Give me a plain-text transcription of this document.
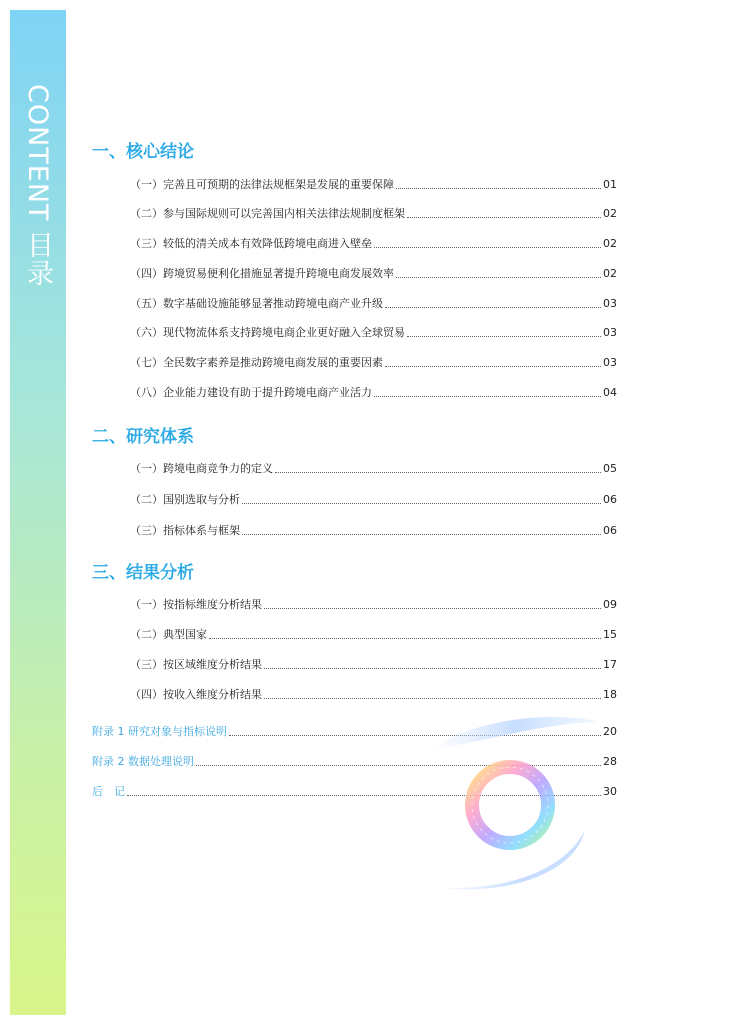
CONTENT 目录 一、核心结论
（一）完善且可预期的法律法规框架是发展的重要保障	01
（二）参与国际规则可以完善国内相关法律法规制度框架	02
（三）较低的清关成本有效降低跨境电商进入壁垒	02
（四）跨境贸易便利化措施显著提升跨境电商发展效率	02
（五）数字基础设施能够显著推动跨境电商产业升级	03
（六）现代物流体系支持跨境电商企业更好融入全球贸易	03
（七）全民数字素养是推动跨境电商发展的重要因素	03
（八）企业能力建设有助于提升跨境电商产业活力	04
二、研究体系
（一）跨境电商竞争力的定义	05
（二）国别选取与分析	06
（三）指标体系与框架	06
三、结果分析
（一）按指标维度分析结果	09
（二）典型国家	15
（三）按区域维度分析结果	17
（四）按收入维度分析结果	18
附录 1 研究对象与指标说明	20
附录 2 数据处理说明	28
后　记	30
